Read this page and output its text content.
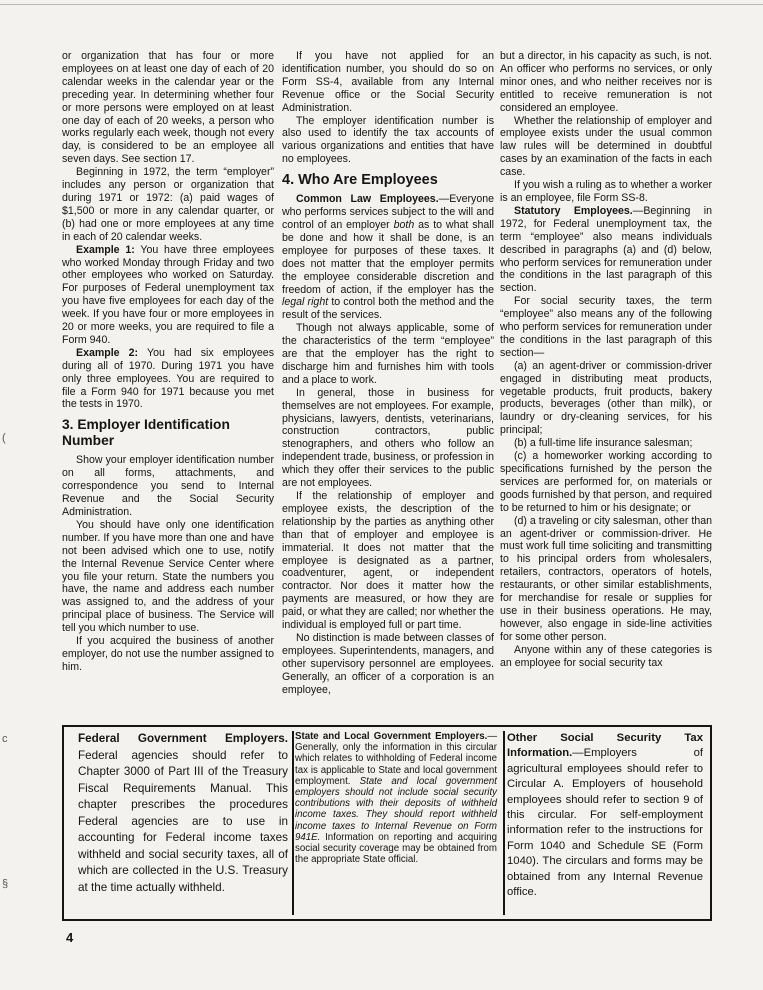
or organization that has four or more employees on at least one day of each of 20 calendar weeks in the calendar year or the preceding year. In determining whether four or more persons were employed on at least one day of each of 20 weeks, a person who works regularly each week, though not every day, is considered to be an employee all seven days. See section 17.

Beginning in 1972, the term “employer” includes any person or organization that during 1971 or 1972: (a) paid wages of $1,500 or more in any calendar quarter, or (b) had one or more employees at any time in each of 20 calendar weeks.

Example 1: You have three employees who worked Monday through Friday and two other employees who worked on Saturday. For purposes of Federal unemployment tax you have five employees for each day of the week. If you have four or more employees in 20 or more weeks, you are required to file a Form 940.

Example 2: You had six employees during all of 1970. During 1971 you have only three employees. You are required to file a Form 940 for 1971 because you met the tests in 1970.

3. Employer Identification Number

Show your employer identification number on all forms, attachments, and correspondence you send to Internal Revenue and the Social Security Administration.

You should have only one identification number. If you have more than one and have not been advised which one to use, notify the Internal Revenue Service Center where you file your return. State the numbers you have, the name and address each number was assigned to, and the address of your principal place of business. The Service will tell you which number to use.

If you acquired the business of another employer, do not use the number assigned to him.

If you have not applied for an identification number, you should do so on Form SS-4, available from any Internal Revenue office or the Social Security Administration.

The employer identification number is also used to identify the tax accounts of various organizations and entities that have no employees.

4. Who Are Employees

Common Law Employees.—Everyone who performs services subject to the will and control of an employer both as to what shall be done and how it shall be done, is an employee for purposes of these taxes. It does not matter that the employer permits the employee considerable discretion and freedom of action, if the employer has the legal right to control both the method and the result of the services.

Though not always applicable, some of the characteristics of the term “employee” are that the employer has the right to discharge him and furnishes him with tools and a place to work.

In general, those in business for themselves are not employees. For example, physicians, lawyers, dentists, veterinarians, construction contractors, public stenographers, and others who follow an independent trade, business, or profession in which they offer their services to the public are not employees.

If the relationship of employer and employee exists, the description of the relationship by the parties as anything other than that of employer and employee is immaterial. It does not matter that the employee is designated as a partner, coadventurer, agent, or independent contractor. Nor does it matter how the payments are measured, or how they are paid, or what they are called; nor whether the individual is employed full or part time.

No distinction is made between classes of employees. Superintendents, managers, and other supervisory personnel are employees. Generally, an officer of a corporation is an employee,

but a director, in his capacity as such, is not. An officer who performs no services, or only minor ones, and who neither receives nor is entitled to receive remuneration is not considered an employee.

Whether the relationship of employer and employee exists under the usual common law rules will be determined in doubtful cases by an examination of the facts in each case.

If you wish a ruling as to whether a worker is an employee, file Form SS-8.

Statutory Employees.—Beginning in 1972, for Federal unemployment tax, the term “employee” also means individuals described in paragraphs (a) and (d) below, who perform services for remuneration under the conditions in the last paragraph of this section.

For social security taxes, the term “employee” also means any of the following who perform services for remuneration under the conditions in the last paragraph of this section—

(a) an agent-driver or commission-driver engaged in distributing meat products, vegetable products, fruit products, bakery products, beverages (other than milk), or laundry or dry-cleaning services, for his principal;

(b) a full-time life insurance salesman;

(c) a homeworker working according to specifications furnished by the person the services are performed for, on materials or goods furnished by that person, and required to be returned to him or his designate; or

(d) a traveling or city salesman, other than an agent-driver or commission-driver. He must work full time soliciting and transmitting to his principal orders from wholesalers, retailers, contractors, operators of hotels, restaurants, or other similar establishments, for merchandise for resale or supplies for use in their business operations. He may, however, also engage in side-line activities for some other person.

Anyone within any of these categories is an employee for social security tax

Federal Government Employers. Federal agencies should refer to Chapter 3000 of Part III of the Treasury Fiscal Requirements Manual. This chapter prescribes the procedures Federal agencies are to use in accounting for Federal income taxes withheld and social security taxes, all of which are collected in the U.S. Treasury at the time actually withheld.

State and Local Government Employers.—Generally, only the information in this circular which relates to withholding of Federal income tax is applicable to State and local government employment. State and local government employers should not include social security contributions with their deposits of withheld income taxes. They should report withheld income taxes to Internal Revenue on Form 941E. Information on reporting and acquiring social security coverage may be obtained from the appropriate State official.

Other Social Security Tax Information.—Employers of agricultural employees should refer to Circular A. Employers of household employees should refer to section 9 of this circular. For self-employment information refer to the instructions for Form 1040 and Schedule SE (Form 1040). The circulars and forms may be obtained from any Internal Revenue office.

4
(
c
§
